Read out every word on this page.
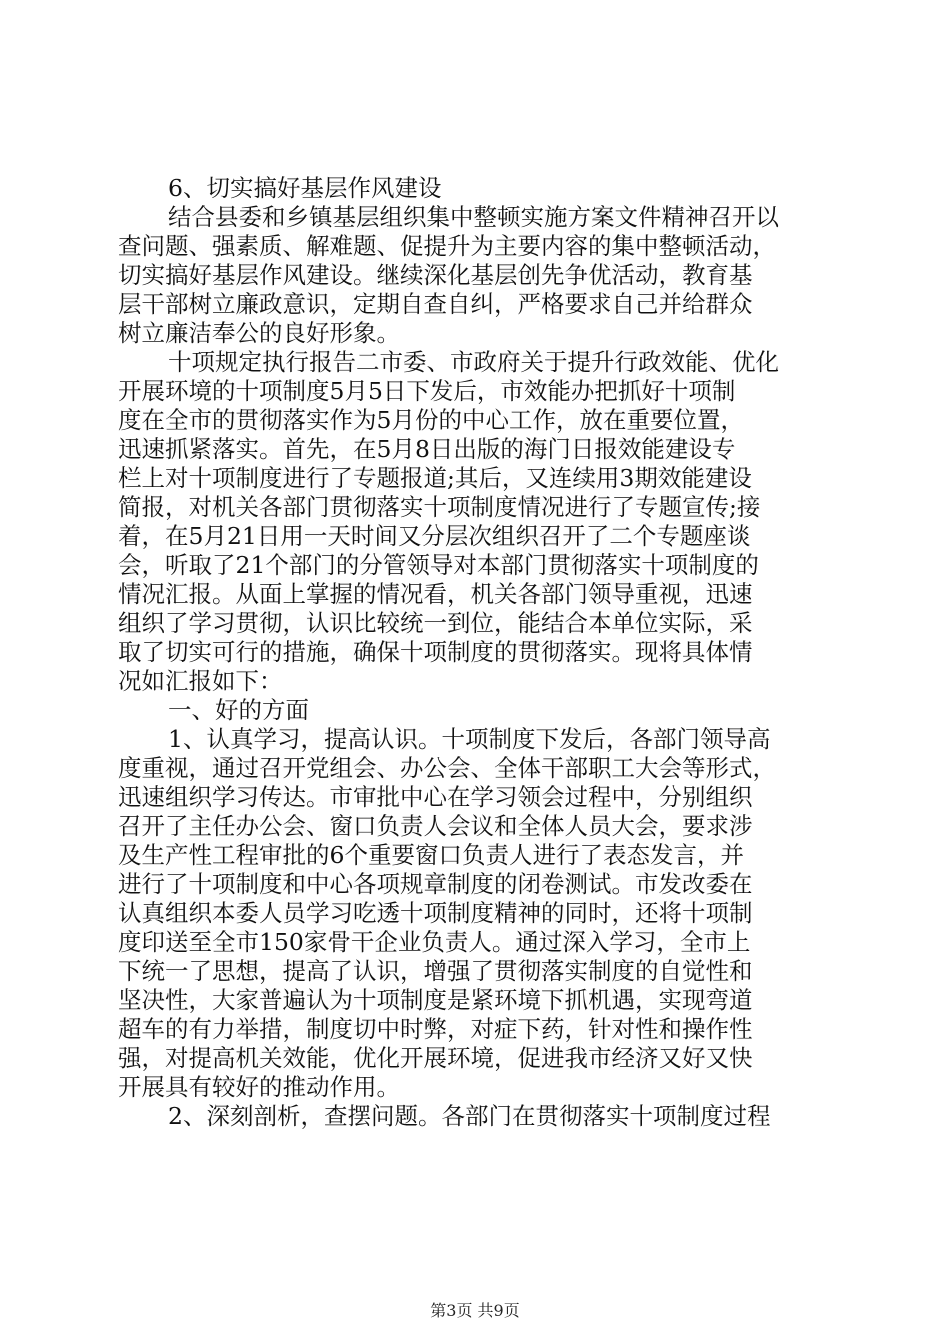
6、切实搞好基层作风建设
结合县委和乡镇基层组织集中整顿实施方案文件精神召开以
查问题、强素质、解难题、促提升为主要内容的集中整顿活动，
切实搞好基层作风建设。继续深化基层创先争优活动，教育基
层干部树立廉政意识，定期自查自纠，严格要求自己并给群众
树立廉洁奉公的良好形象。
十项规定执行报告二市委、市政府关于提升行政效能、优化
开展环境的十项制度5月5日下发后，市效能办把抓好十项制
度在全市的贯彻落实作为5月份的中心工作，放在重要位置，
迅速抓紧落实。首先，在5月8日出版的海门日报效能建设专
栏上对十项制度进行了专题报道;其后，又连续用3期效能建设
简报，对机关各部门贯彻落实十项制度情况进行了专题宣传;接
着，在5月21日用一天时间又分层次组织召开了二个专题座谈
会，听取了21个部门的分管领导对本部门贯彻落实十项制度的
情况汇报。从面上掌握的情况看，机关各部门领导重视，迅速
组织了学习贯彻，认识比较统一到位，能结合本单位实际，采
取了切实可行的措施，确保十项制度的贯彻落实。现将具体情
况如汇报如下：
一、好的方面
1、认真学习，提高认识。十项制度下发后，各部门领导高
度重视，通过召开党组会、办公会、全体干部职工大会等形式，
迅速组织学习传达。市审批中心在学习领会过程中，分别组织
召开了主任办公会、窗口负责人会议和全体人员大会，要求涉
及生产性工程审批的6个重要窗口负责人进行了表态发言，并
进行了十项制度和中心各项规章制度的闭卷测试。市发改委在
认真组织本委人员学习吃透十项制度精神的同时，还将十项制
度印送至全市150家骨干企业负责人。通过深入学习，全市上
下统一了思想，提高了认识，增强了贯彻落实制度的自觉性和
坚决性，大家普遍认为十项制度是紧环境下抓机遇，实现弯道
超车的有力举措，制度切中时弊，对症下药，针对性和操作性
强，对提高机关效能，优化开展环境，促进我市经济又好又快
开展具有较好的推动作用。
2、深刻剖析，查摆问题。各部门在贯彻落实十项制度过程
第3页 共9页
